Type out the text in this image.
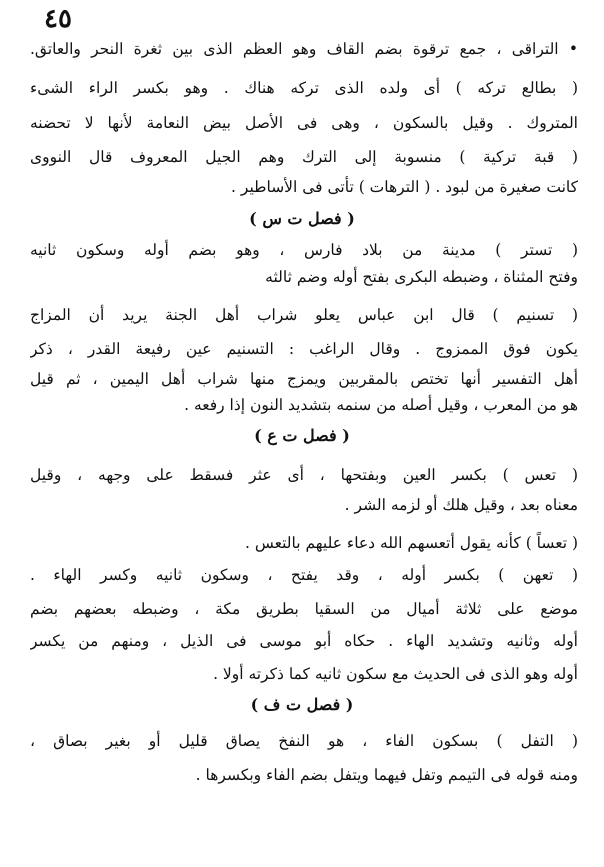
٤٥
• التراقى ، جمع ترقوة بضم القاف وهو العظم الذى بين ثغرة النحر والعاتق.
( بطالع تركه ) أى ولده الذى تركه هناك . وهو بكسر الراء الشىء
المتروك . وقيل بالسكون ، وهى فى الأصل بيض النعامة لأنها لا تحضنه
( قبة تركية ) منسوبة إلى الترك وهم الجيل المعروف قال النووى
كانت صغيرة من لبود . ( الترهات ) تأتى فى الأساطير .
( فصل ت س )
( تستر ) مدينة من بلاد فارس ، وهو بضم أوله وسكون ثانيه
وفتح المثناة ، وضبطه البكرى بفتح أوله وضم ثالثه
( تسنيم ) قال ابن عباس يعلو شراب أهل الجنة يريد أن المزاج
يكون فوق الممزوج . وقال الراغب : التسنيم عين رفيعة القدر ، ذكر
أهل التفسير أنها تختص بالمقربين ويمزج منها شراب أهل اليمين ، ثم قيل
هو من المعرب ، وقيل أصله من سنمه بتشديد النون إذا رفعه .
( فصل ت ع )
( تعس ) بكسر العين وبفتحها ، أى عثر فسقط على وجهه ، وقيل
معناه بعد ، وقيل هلك أو لزمه الشر .
( تعساً ) كأنه يقول أتعسهم الله دعاء عليهم بالتعس .
( تعهن ) بكسر أوله ، وقد يفتح ، وسكون ثانيه وكسر الهاء .
موضع على ثلاثة أميال من السقيا بطريق مكة ، وضبطه بعضهم بضم
أوله وثانيه وتشديد الهاء . حكاه أبو موسى فى الذيل ، ومنهم من يكسر
أوله وهو الذى فى الحديث مع سكون ثانيه كما ذكرته أولا .
( فصل ت ف )
( التفل ) بسكون الفاء ، هو النفخ يصاق قليل أو بغير بصاق ،
ومنه قوله فى التيمم وتفل فيهما ويتفل بضم الفاء وبكسرها .
